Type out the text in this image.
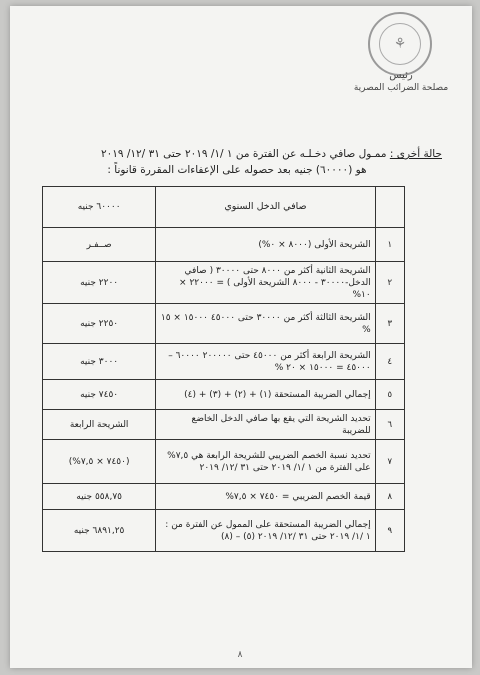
⚘
رئيس
مصلحة الضرائب المصرية
حالة أخرى : ممـول صافي دخـلـه عن الفترة من ١ /١/ ٢٠١٩ حتى ٣١ /١٢/ ٢٠١٩
هو (٦٠٠٠٠) جنيه بعد حصوله على الإعفاءات المقررة قانوناً :
	صافي الدخل السنوي	٦٠٠٠٠ جنيه
١	الشريحة الأولى (٨٠٠٠ × ٠%)	صــفـر
٢	الشريحة الثانية أكثر من ٨٠٠٠ حتى ٣٠٠٠٠ ( صافي الدخل-٣٠٠٠٠ - ٨٠٠٠ الشريحة الأولى ) = ٢٢٠٠٠ × ١٠%	٢٢٠٠ جنيه
٣	الشريحة الثالثة أكثر من ٣٠٠٠٠ حتى ٤٥٠٠٠ ١٥٠٠٠ × ١٥ %	٢٢٥٠ جنيه
٤	الشريحة الرابعة أكثر من ٤٥٠٠٠ حتى ٢٠٠٠٠٠ ٦٠٠٠٠ – ٤٥٠٠٠ = ١٥٠٠٠ × ٢٠ %	٣٠٠٠ جنيه
٥	إجمالي الضريبة المستحقة (١) + (٢) + (٣) + (٤)	٧٤٥٠ جنيه
٦	تحديد الشريحة التي يقع بها صافي الدخل الخاضع للضريبة	الشريحة الرابعة
٧	تحديد نسبة الخصم الضريبي للشريحة الرابعة هي ٧,٥% على الفترة من ١ /١/ ٢٠١٩ حتى ٣١ /١٢/ ٢٠١٩	(٧٤٥٠ × ٧,٥%)
٨	قيمة الخصم الضريبي = ٧٤٥٠ × ٧,٥%	٥٥٨,٧٥ جنيه
٩	إجمالي الضريبة المستحقة على الممول عن الفترة من : ١ /١/ ٢٠١٩ حتى ٣١ /١٢/ ٢٠١٩ (٥) – (٨)	٦٨٩١,٢٥ جنيه
٨
